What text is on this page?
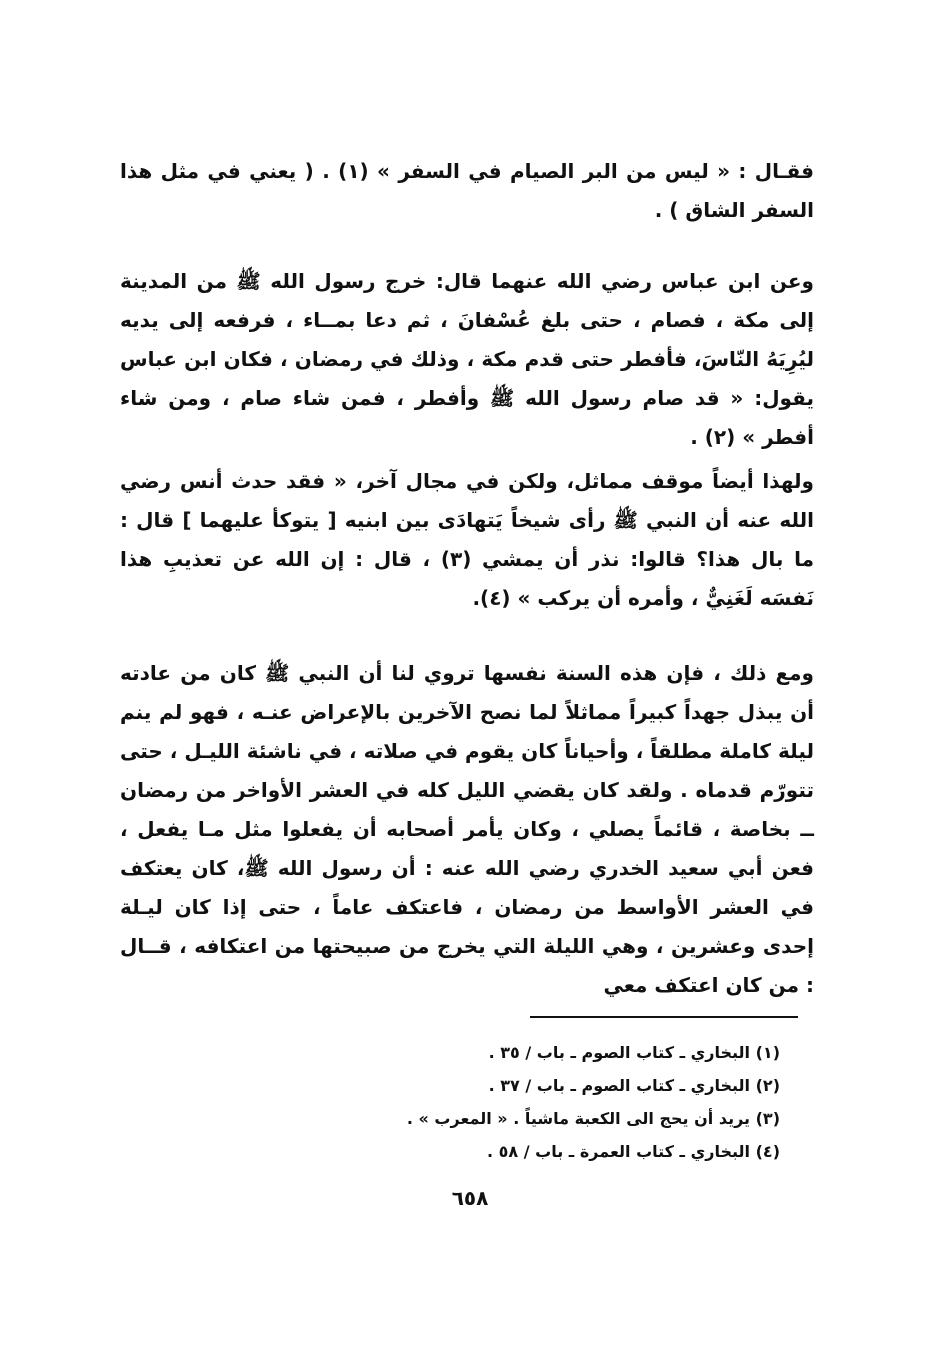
فقـال : « ليس من البر الصيام في السفر » (١) . ( يعني في مثل هذا السفر الشاق ) .

وعن ابن عباس رضي الله عنهما قال: خرج رسول الله ﷺ من المدينة إلى مكة ، فصام ، حتى بلغ عُسْفانَ ، ثم دعا بمــاء ، فرفعه إلى يديه ليُرِيَهُ النّاسَ، فأفطر حتى قدم مكة ، وذلك في رمضان ، فكان ابن عباس يقول: « قد صام رسول الله ﷺ وأفطر ، فمن شاء صام ، ومن شاء أفطر » (٢) .

ولهذا أيضاً موقف مماثل، ولكن في مجال آخر، « فقد حدث أنس رضي الله عنه أن النبي ﷺ رأى شيخاً يَتهادَى بين ابنيه [ يتوكأ عليهما ] قال : ما بال هذا؟ قالوا: نذر أن يمشي (٣) ، قال : إن الله عن تعذيبِ هذا نَفسَه لَغَنِيٌّ ، وأمره أن يركب » (٤).

ومع ذلك ، فإن هذه السنة نفسها تروي لنا أن النبي ﷺ كان من عادته أن يبذل جهداً كبيراً مماثلاً لما نصح الآخرين بالإعراض عنـه ، فهو لم ينم ليلة كاملة مطلقاً ، وأحياناً كان يقوم في صلاته ، في ناشئة الليـل ، حتى تتورّم قدماه . ولقد كان يقضي الليل كله في العشر الأواخر من رمضان ــ بخاصة ، قائماً يصلي ، وكان يأمر أصحابه أن يفعلوا مثل مـا يفعل ، فعن أبي سعيد الخدري رضي الله عنه : أن رسول الله ﷺ، كان يعتكف في العشر الأواسط من رمضان ، فاعتكف عاماً ، حتى إذا كان ليـلة إحدى وعشرين ، وهي الليلة التي يخرج من صبيحتها من اعتكافه ، قــال : من كان اعتكف معي

(١) البخاري ـ كتاب الصوم ـ باب / ٣٥ .
(٢) البخاري ـ كتاب الصوم ـ باب / ٣٧ .
(٣) يريد أن يحج الى الكعبة ماشياً . « المعرب » .
(٤) البخاري ـ كتاب العمرة ـ باب / ٥٨ .
٦٥٨
